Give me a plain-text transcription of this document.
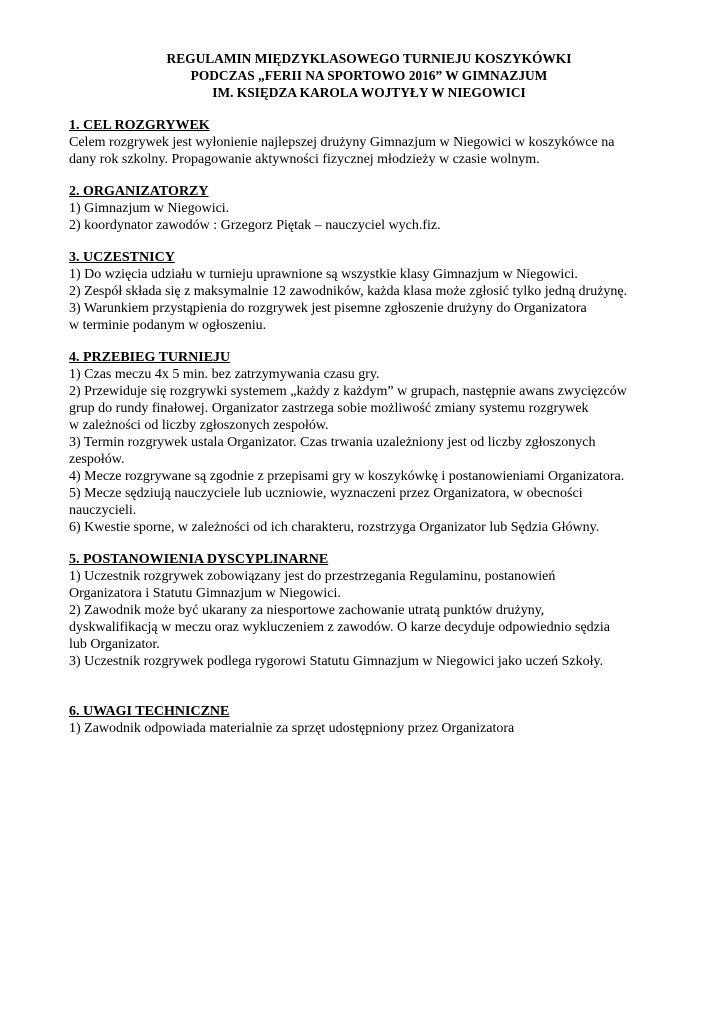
REGULAMIN MIĘDZYKLASOWEGO TURNIEJU KOSZYKÓWKI

PODCZAS „FERII NA SPORTOWO 2016” W GIMNAZJUM

IM. KSIĘDZA KAROLA WOJTYŁY W NIEGOWICI

1. CEL ROZGRYWEK

Celem rozgrywek jest wyłonienie najlepszej drużyny Gimnazjum w Niegowici w koszykówce na

dany rok szkolny. Propagowanie aktywności fizycznej młodzieży w czasie wolnym.

2. ORGANIZATORZY

1) Gimnazjum w Niegowici.

2) koordynator zawodów : Grzegorz Piętak – nauczyciel wych.fiz.

3. UCZESTNICY

1) Do wzięcia udziału w turnieju uprawnione są wszystkie klasy Gimnazjum w Niegowici.

2) Zespół składa się z maksymalnie 12 zawodników, każda klasa może zgłosić tylko jedną drużynę.

3) Warunkiem przystąpienia do rozgrywek jest pisemne zgłoszenie drużyny do Organizatora

w terminie podanym w ogłoszeniu.

4. PRZEBIEG TURNIEJU

1) Czas meczu 4x 5 min. bez zatrzymywania czasu gry.

2) Przewiduje się rozgrywki systemem „każdy z każdym” w grupach, następnie awans zwycięzców

grup do rundy finałowej. Organizator zastrzega sobie możliwość zmiany systemu rozgrywek

w zależności od liczby zgłoszonych zespołów.

3) Termin rozgrywek ustala Organizator. Czas trwania uzależniony jest od liczby zgłoszonych

zespołów.

4) Mecze rozgrywane są zgodnie z przepisami gry w koszykówkę i postanowieniami Organizatora.

5) Mecze sędziują nauczyciele lub uczniowie, wyznaczeni przez Organizatora, w obecności

nauczycieli.

6) Kwestie sporne, w zależności od ich charakteru, rozstrzyga Organizator lub Sędzia Główny.

5. POSTANOWIENIA DYSCYPLINARNE

1) Uczestnik rozgrywek zobowiązany jest do przestrzegania Regulaminu, postanowień

Organizatora i Statutu Gimnazjum w Niegowici.

2) Zawodnik może być ukarany za niesportowe zachowanie utratą punktów drużyny,

dyskwalifikacją w meczu oraz wykluczeniem z zawodów. O karze decyduje odpowiednio sędzia

lub Organizator.

3) Uczestnik rozgrywek podlega rygorowi Statutu Gimnazjum w Niegowici jako uczeń Szkoły.

6. UWAGI TECHNICZNE

1) Zawodnik odpowiada materialnie za sprzęt udostępniony przez Organizatora
